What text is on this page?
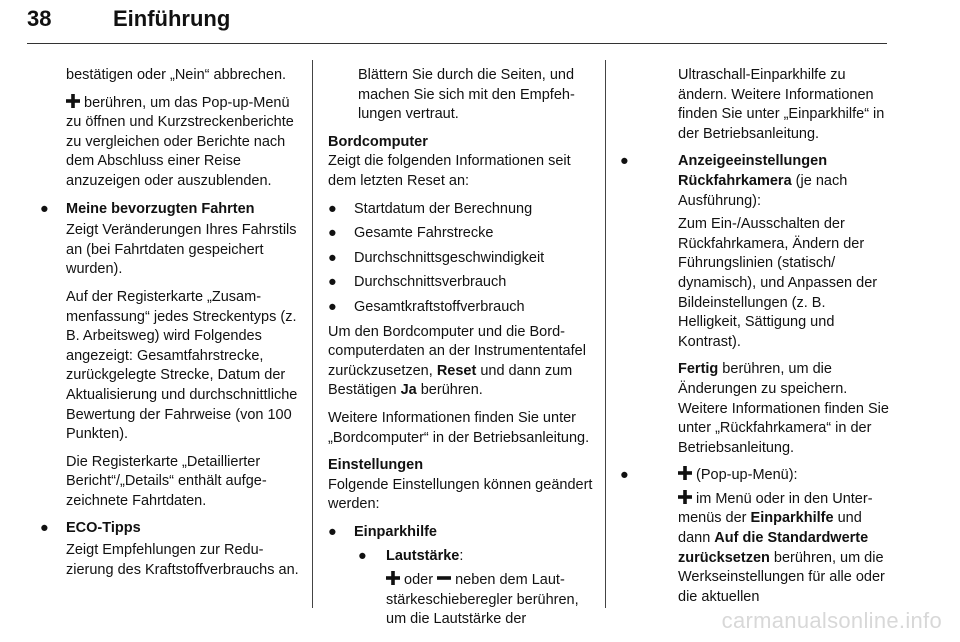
38	Einführung

bestätigen oder „Nein“ abbrechen.

berühren, um das Pop-up-Menü zu öffnen und Kurzstreckenberichte zu vergleichen oder Berichte nach dem Abschluss einer Reise anzuzeigen oder auszublenden.

● Meine bevorzugten Fahrten

Zeigt Veränderungen Ihres Fahrstils an (bei Fahrtdaten gespeichert wurden).

Auf der Registerkarte „Zusammenfassung“ jedes Streckentyps (z. B. Arbeitsweg) wird Folgendes angezeigt: Gesamtfahrstrecke, zurückgelegte Strecke, Datum der Aktualisierung und durchschnittliche Bewertung der Fahrweise (von 100 Punkten).

Die Registerkarte „Detaillierter Bericht“/„Details“ enthält aufgezeichnete Fahrtdaten.

● ECO-Tipps

Zeigt Empfehlungen zur Reduzierung des Kraftstoffverbrauchs an.

Blättern Sie durch die Seiten, und machen Sie sich mit den Empfehlungen vertraut.

Bordcomputer

Zeigt die folgenden Informationen seit dem letzten Reset an:

● Startdatum der Berechnung
● Gesamte Fahrstrecke
● Durchschnittsgeschwindigkeit
● Durchschnittsverbrauch
● Gesamtkraftstoffverbrauch

Um den Bordcomputer und die Bordcomputerdaten an der Instrumententafel zurückzusetzen, Reset und dann zum Bestätigen Ja berühren.

Weitere Informationen finden Sie unter „Bordcomputer“ in der Betriebsanleitung.

Einstellungen

Folgende Einstellungen können geändert werden:

● Einparkhilfe
●	Lautstärke:

oder  neben dem Lautstärkeschieberegler berühren, um die Lautstärke der

Ultraschall-Einparkhilfe zu ändern. Weitere Informationen finden Sie unter „Einparkhilfe“ in der Betriebsanleitung.

●	Anzeigeeinstellungen Rückfahrkamera (je nach Ausführung):

Zum Ein-/Ausschalten der Rückfahrkamera, Ändern der Führungslinien (statisch/ dynamisch), und Anpassen der Bildeinstellungen (z. B. Helligkeit, Sättigung und Kontrast).

Fertig berühren, um die Änderungen zu speichern. Weitere Informationen finden Sie unter „Rückfahrkamera“ in der Betriebsanleitung.

●	(Pop-up-Menü):

im Menü oder in den Untermenüs der Einparkhilfe und dann Auf die Standardwerte zurücksetzen berühren, um die Werkseinstellungen für alle oder die aktuellen

carmanualsonline.info
